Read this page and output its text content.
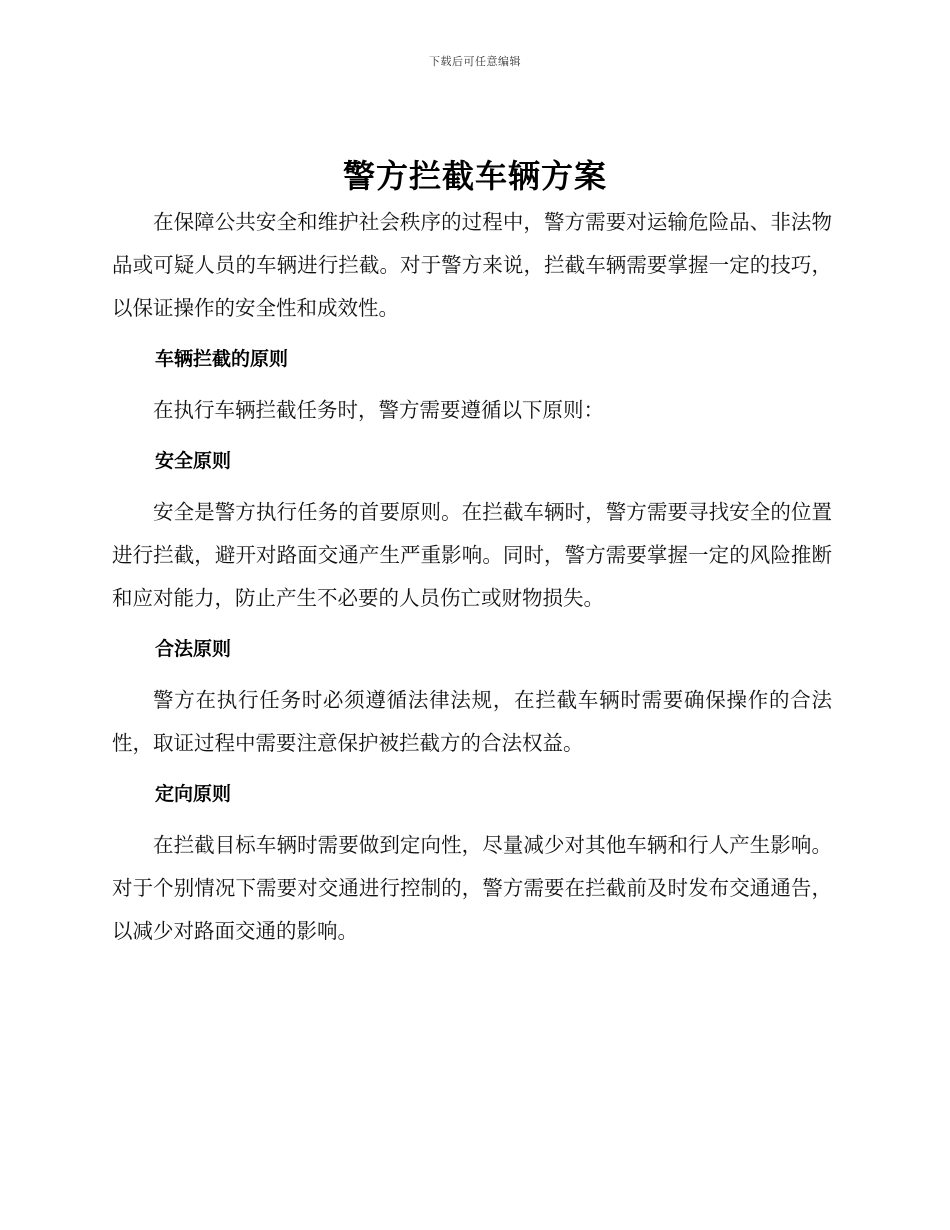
下载后可任意编辑
警方拦截车辆方案

在保障公共安全和维护社会秩序的过程中，警方需要对运输危险品、非法物品或可疑人员的车辆进行拦截。对于警方来说，拦截车辆需要掌握一定的技巧，以保证操作的安全性和成效性。

车辆拦截的原则

在执行车辆拦截任务时，警方需要遵循以下原则：

安全原则

安全是警方执行任务的首要原则。在拦截车辆时，警方需要寻找安全的位置进行拦截，避开对路面交通产生严重影响。同时，警方需要掌握一定的风险推断和应对能力，防止产生不必要的人员伤亡或财物损失。

合法原则

警方在执行任务时必须遵循法律法规，在拦截车辆时需要确保操作的合法性，取证过程中需要注意保护被拦截方的合法权益。

定向原则

在拦截目标车辆时需要做到定向性，尽量减少对其他车辆和行人产生影响。对于个别情况下需要对交通进行控制的，警方需要在拦截前及时发布交通通告，以减少对路面交通的影响。
